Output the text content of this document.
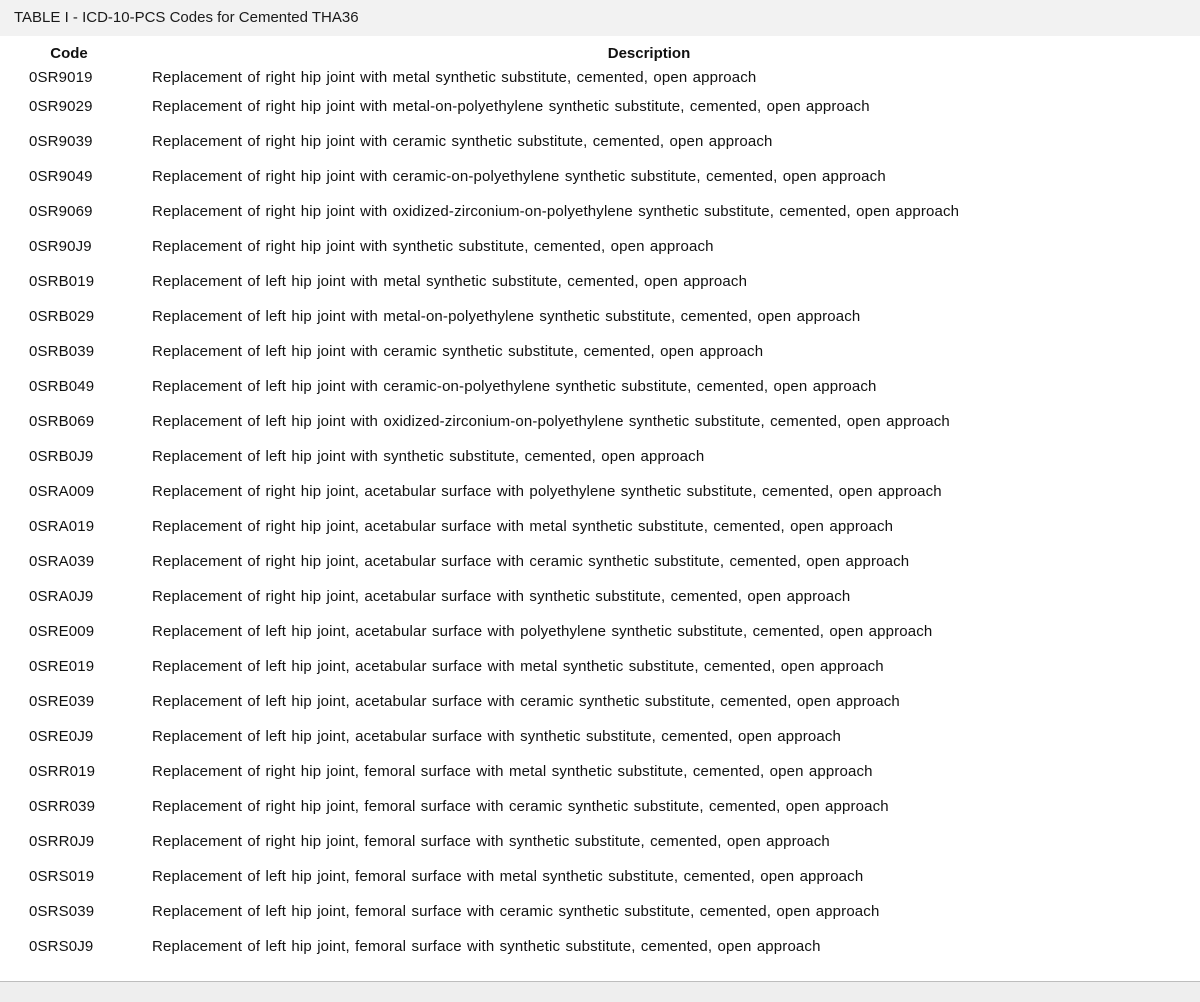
TABLE I - ICD-10-PCS Codes for Cemented THA36
Code	Description
0SR9019	Replacement of right hip joint with metal synthetic substitute, cemented, open approach
0SR9029	Replacement of right hip joint with metal-on-polyethylene synthetic substitute, cemented, open approach
0SR9039	Replacement of right hip joint with ceramic synthetic substitute, cemented, open approach
0SR9049	Replacement of right hip joint with ceramic-on-polyethylene synthetic substitute, cemented, open approach
0SR9069	Replacement of right hip joint with oxidized-zirconium-on-polyethylene synthetic substitute, cemented, open approach
0SR90J9	Replacement of right hip joint with synthetic substitute, cemented, open approach
0SRB019	Replacement of left hip joint with metal synthetic substitute, cemented, open approach
0SRB029	Replacement of left hip joint with metal-on-polyethylene synthetic substitute, cemented, open approach
0SRB039	Replacement of left hip joint with ceramic synthetic substitute, cemented, open approach
0SRB049	Replacement of left hip joint with ceramic-on-polyethylene synthetic substitute, cemented, open approach
0SRB069	Replacement of left hip joint with oxidized-zirconium-on-polyethylene synthetic substitute, cemented, open approach
0SRB0J9	Replacement of left hip joint with synthetic substitute, cemented, open approach
0SRA009	Replacement of right hip joint, acetabular surface with polyethylene synthetic substitute, cemented, open approach
0SRA019	Replacement of right hip joint, acetabular surface with metal synthetic substitute, cemented, open approach
0SRA039	Replacement of right hip joint, acetabular surface with ceramic synthetic substitute, cemented, open approach
0SRA0J9	Replacement of right hip joint, acetabular surface with synthetic substitute, cemented, open approach
0SRE009	Replacement of left hip joint, acetabular surface with polyethylene synthetic substitute, cemented, open approach
0SRE019	Replacement of left hip joint, acetabular surface with metal synthetic substitute, cemented, open approach
0SRE039	Replacement of left hip joint, acetabular surface with ceramic synthetic substitute, cemented, open approach
0SRE0J9	Replacement of left hip joint, acetabular surface with synthetic substitute, cemented, open approach
0SRR019	Replacement of right hip joint, femoral surface with metal synthetic substitute, cemented, open approach
0SRR039	Replacement of right hip joint, femoral surface with ceramic synthetic substitute, cemented, open approach
0SRR0J9	Replacement of right hip joint, femoral surface with synthetic substitute, cemented, open approach
0SRS019	Replacement of left hip joint, femoral surface with metal synthetic substitute, cemented, open approach
0SRS039	Replacement of left hip joint, femoral surface with ceramic synthetic substitute, cemented, open approach
0SRS0J9	Replacement of left hip joint, femoral surface with synthetic substitute, cemented, open approach
